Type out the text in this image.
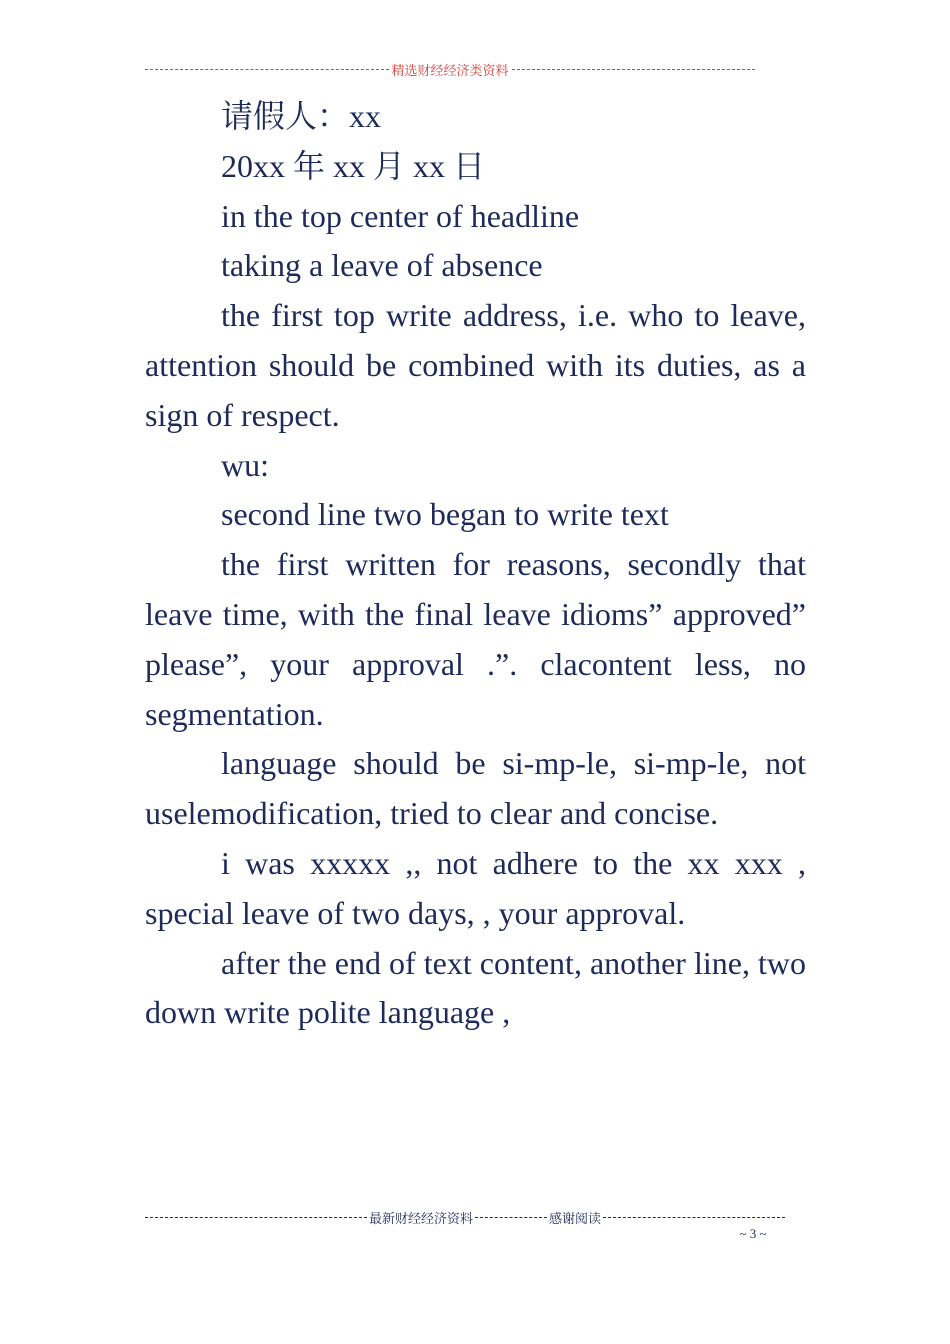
精选财经经济类资料

请假人：xx

20xx 年 xx 月 xx 日

in the top center of headline

taking a leave of absence

the first top write address, i.e. who to leave, attention should be combined with its duties, as a sign of respect.

wu:

second line two began to write text

the first written for reasons, secondly that leave time, with the final leave idioms” approved” please”, your approval .”. clacontent less, no segmentation.

language should be si-mp-le, si-mp-le, not uselemodification, tried to clear and concise.

i was xxxxx ,, not adhere to the xx xxx , special leave of two days, , your approval.

after the end of text content, another line, two down write polite language ,

最新财经经济资料	感谢阅读
~ 3 ~
